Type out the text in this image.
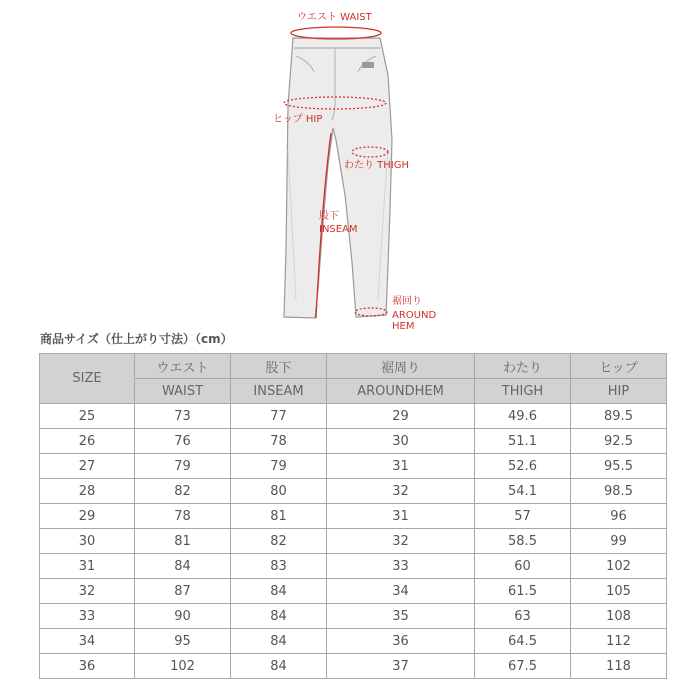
ウエスト WAIST
ヒップ HIP
わたり THIGH
股下
INSEAM
裾回り
AROUND
HEM
商品サイズ（仕上がり寸法）（cm）
SIZE	ウエスト	股下	裾周り	わたり	ヒップ
	WAIST	INSEAM	AROUNDHEM	THIGH	HIP
25	73	77	29	49.6	89.5
26	76	78	30	51.1	92.5
27	79	79	31	52.6	95.5
28	82	80	32	54.1	98.5
29	78	81	31	57	96
30	81	82	32	58.5	99
31	84	83	33	60	102
32	87	84	34	61.5	105
33	90	84	35	63	108
34	95	84	36	64.5	112
36	102	84	37	67.5	118
